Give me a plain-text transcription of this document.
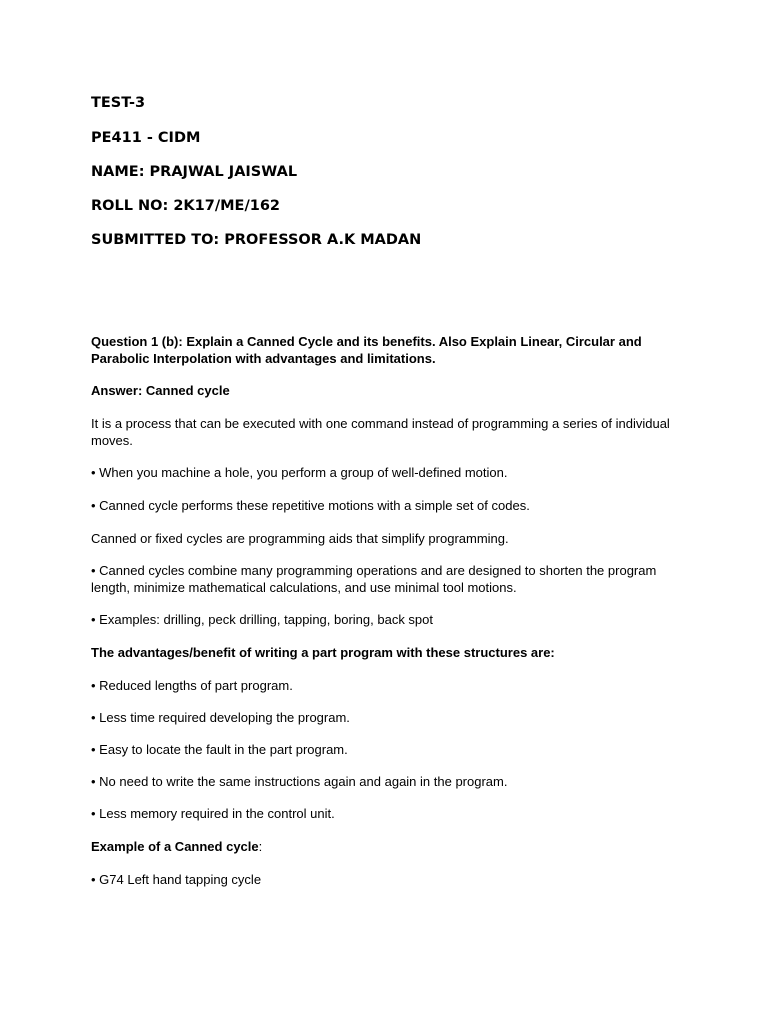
TEST-3
PE411 - CIDM
NAME: PRAJWAL JAISWAL
ROLL NO: 2K17/ME/162
SUBMITTED TO: PROFESSOR A.K MADAN

Question 1 (b): Explain a Canned Cycle and its benefits. Also Explain Linear, Circular and Parabolic Interpolation with advantages and limitations.

Answer: Canned cycle

It is a process that can be executed with one command instead of programming a series of individual moves.

• When you machine a hole, you perform a group of well-defined motion.

• Canned cycle performs these repetitive motions with a simple set of codes.

Canned or fixed cycles are programming aids that simplify programming.

• Canned cycles combine many programming operations and are designed to shorten the program length, minimize mathematical calculations, and use minimal tool motions.

• Examples: drilling, peck drilling, tapping, boring, back spot

The advantages/benefit of writing a part program with these structures are:

• Reduced lengths of part program.

• Less time required developing the program.

• Easy to locate the fault in the part program.

• No need to write the same instructions again and again in the program.

• Less memory required in the control unit.

Example of a Canned cycle:

• G74 Left hand tapping cycle
